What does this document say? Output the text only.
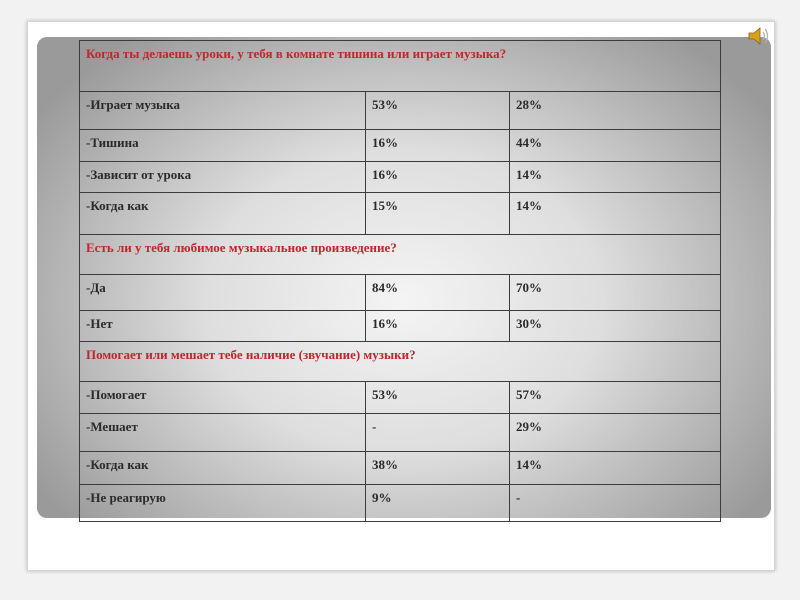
Когда ты делаешь уроки, у тебя в комнате тишина или играет музыка?		
-Играет музыка	53%	28%
-Тишина	16%	44%
-Зависит от урока	16%	14%
-Когда как	15%	14%
Есть ли у тебя любимое музыкальное произведение?		
-Да	84%	70%
-Нет	16%	30%
Помогает или мешает тебе наличие (звучание) музыки?		
-Помогает	53%	57%
-Мешает	-	29%
-Когда как	38%	14%
-Не реагирую	9%	-
